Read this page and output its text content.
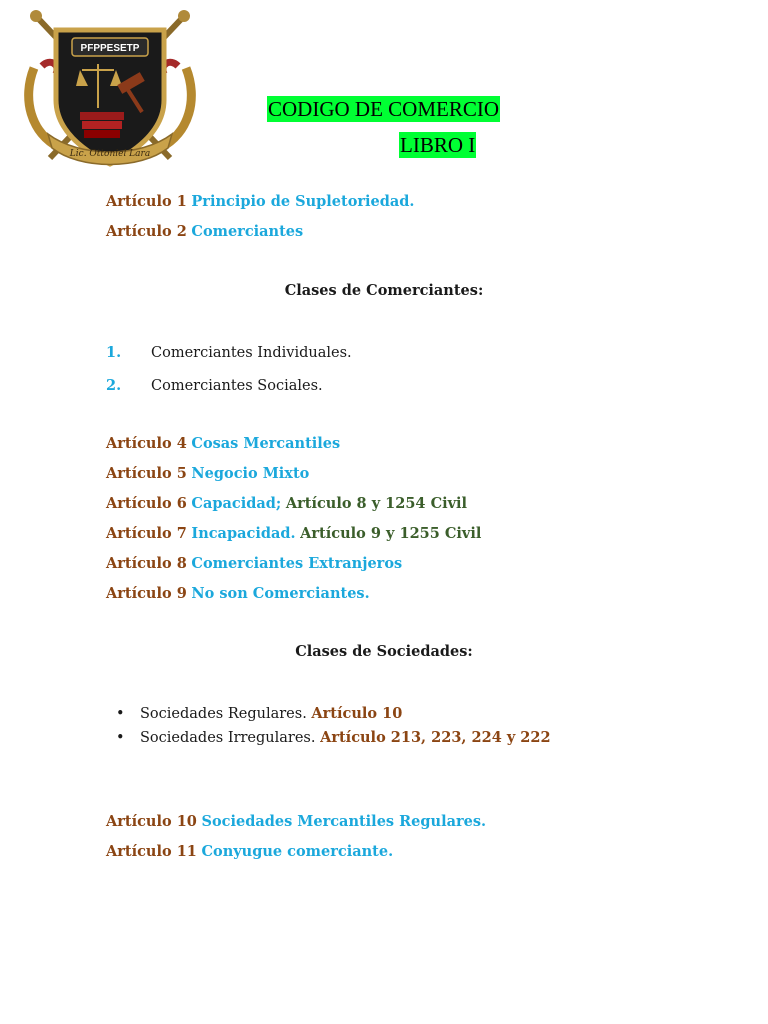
PFPPESETP
Lic. Ottoniel Lara
CODIGO DE COMERCIO
LIBRO I
Artículo 1 Principio de Supletoriedad.
Artículo 2 Comerciantes
Clases de Comerciantes:
1. Comerciantes Individuales.
2. Comerciantes Sociales.
Artículo 4 Cosas Mercantiles
Artículo 5 Negocio Mixto
Artículo 6 Capacidad; Artículo 8 y 1254 Civil
Artículo 7 Incapacidad. Artículo 9 y 1255 Civil
Artículo 8 Comerciantes Extranjeros
Artículo 9 No son Comerciantes.
Clases de Sociedades:
• Sociedades Regulares. Artículo 10
• Sociedades Irregulares. Artículo 213, 223, 224 y 222
Artículo 10 Sociedades Mercantiles Regulares.
Artículo 11 Conyugue comerciante.
